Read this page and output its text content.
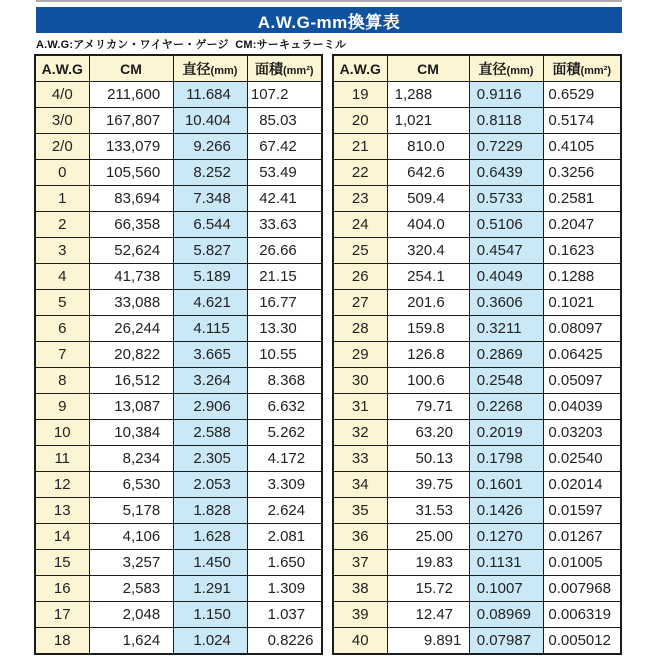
A.W.G-mm換算表
A.W.G:アメリカン・ワイヤー・ゲージ  CM:サーキュラーミル
A.W.G	CM	直径(mm)	面積(mm²)
4/0	211,600	11 .684	107 .2

3/0	167,807	10 .404	85 .03

2/0	133,079	9 .266	67 .42

0	105,560	8 .252	53 .49

1	83,694	7 .348	42 .41

2	66,358	6 .544	33 .63

3	52,624	5 .827	26 .66

4	41,738	5 .189	21 .15

5	33,088	4 .621	16 .77

6	26,244	4 .115	13 .30

7	20,822	3 .665	10 .55

8	16,512	3 .264	8 .368

9	13,087	2 .906	6 .632

10	10,384	2 .588	5 .262

11	8,234	2 .305	4 .172

12	6,530	2 .053	3 .309

13	5,178	1 .828	2 .624

14	4,106	1 .628	2 .081

15	3,257	1 .450	1 .650

16	2,583	1 .291	1 .309

17	2,048	1 .150	1 .037

18	1,624	1 .024	0 .8226
A.W.G	CM	直径(mm)	面積(mm²)
19	1,288	0 .9116	0 .6529

20	1,021	0 .8118	0 .5174

21	810 .0	0 .7229	0 .4105

22	642 .6	0 .6439	0 .3256

23	509 .4	0 .5733	0 .2581

24	404 .0	0 .5106	0 .2047

25	320 .4	0 .4547	0 .1623

26	254 .1	0 .4049	0 .1288

27	201 .6	0 .3606	0 .1021

28	159 .8	0 .3211	0 .08097

29	126 .8	0 .2869	0 .06425

30	100 .6	0 .2548	0 .05097

31	79 .71	0 .2268	0 .04039

32	63 .20	0 .2019	0 .03203

33	50 .13	0 .1798	0 .02540

34	39 .75	0 .1601	0 .02014

35	31 .53	0 .1426	0 .01597

36	25 .00	0 .1270	0 .01267

37	19 .83	0 .1131	0 .01005

38	15 .72	0 .1007	0 .007968

39	12 .47	0 .08969	0 .006319

40	9 .891	0 .07987	0 .005012
